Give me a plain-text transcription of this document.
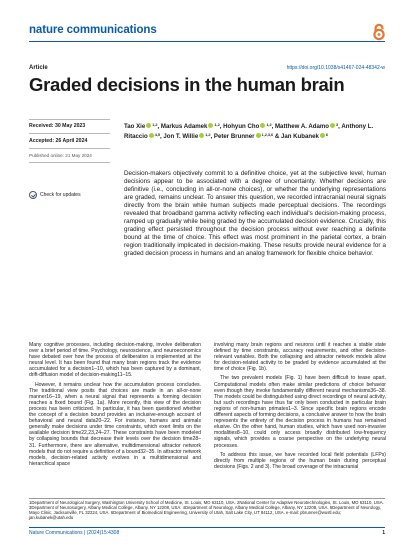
nature communications
Article	https://doi.org/10.1038/s41467-024-48342-w
Graded decisions in the human brain
Received: 30 May 2023
Accepted: 26 April 2024
Published online: 21 May 2024
Check for updates
Tao Xie $^{1,2}$, Markus Adamek $^{1,2}$, Hohyun Cho $^{1,2}$, Matthew A. Adamo $^3$, Anthony L. Ritaccio $^{4,5}$, Jon T. Willie $^{1,2}$, Peter Brunner $^{1,2,3,6}$ & Jan Kubanek $^6$
Decision-makers objectively commit to a definitive choice, yet at the subjective level, human decisions appear to be associated with a degree of uncertainty. Whether decisions are definitive (i.e., concluding in all-or-none choices), or whether the underlying representations are graded, remains unclear. To answer this question, we recorded intracranial neural signals directly from the brain while human subjects made perceptual decisions. The recordings revealed that broadband gamma activity reflecting each individual's decision-making process, ramped up gradually while being graded by the accumulated decision evidence. Crucially, this grading effect persisted throughout the decision process without ever reaching a definite bound at the time of choice. This effect was most prominent in the parietal cortex, a brain region traditionally implicated in decision-making. These results provide neural evidence for a graded decision process in humans and an analog framework for flexible choice behavior.

Many cognitive processes, including decision-making, involve deliberation over a brief period of time. Psychology, neuroscience, and neuroeconomics have debated over how the process of deliberation is implemented at the neural level. It has been found that many brain regions track the evidence accumulated for a decision1–10, which has been captured by a dominant, drift-diffusion model of decision-making11–15.

However, it remains unclear how the accumulation process concludes. The traditional view posits that choices are made in an all-or-none manner16–19, when a neural signal that represents a forming decision reaches a fixed bound (Fig. 1a). More recently, this view of the decision process has been criticized. In particular, it has been questioned whether the concept of a decision bound provides an inclusive-enough account of behavioral and neural data20–22. For instance, humans and animals generally make decisions under time constraints, which exert limits on the available decision time22,23,24–27. These constraints have been modeled by collapsing bounds that decrease their levels over the decision time28–31. Furthermore, there are alternative, multidimensional attractor network models that do not require a definition of a bound32–35. In attractor network models, decision-related activity evolves in a multidimensional and hierarchical space

involving many brain regions and neurons until it reaches a stable state defined by time constraints, accuracy requirements, and other decision-relevant variables. Both the collapsing and attractor network models allow for decision-related activity to be graded by evidence accumulated at the time of choice (Fig. 1b).

The two prevalent models (Fig. 1) have been difficult to tease apart. Computational models often make similar predictions of choice behavior even though they invoke fundamentally different neural mechanisms36–38. The models could be distinguished using direct recordings of neural activity, but such recordings have thus far only been conducted in particular brain regions of non-human primates1–3. Since specific brain regions encode different aspects of forming decisions, a conclusive answer to how the brain represents the entirety of the decision process in humans has remained elusive. On the other hand, human studies, which have used non-invasive modalities8–10, could only access broadly distributed low-frequency signals, which provides a coarse perspective on the underlying neural processes.

To address this issue, we have recorded local field potentials (LFPs) directly from multiple regions of the human brain during perceptual decisions (Figs. 2 and 3). The broad coverage of the intracranial

1Department of Neurological Surgery, Washington University School of Medicine, St. Louis, MO 63110, USA. 2National Center for Adaptive Neurotechnologies, St. Louis, MO 63110, USA. 3Department of Neurosurgery, Albany Medical College, Albany, NY 12208, USA. 4Department of Neurology, Albany Medical College, Albany, NY 12208, USA. 5Department of Neurology, Mayo Clinic, Jacksonville, FL 32224, USA. 6Department of Biomedical Engineering, University of Utah, Salt Lake City, UT 84112, USA. e-mail: pbrunner@wustl.edu; jan.kubanek@utah.edu
Nature Communications | (2024)15:4308	1
